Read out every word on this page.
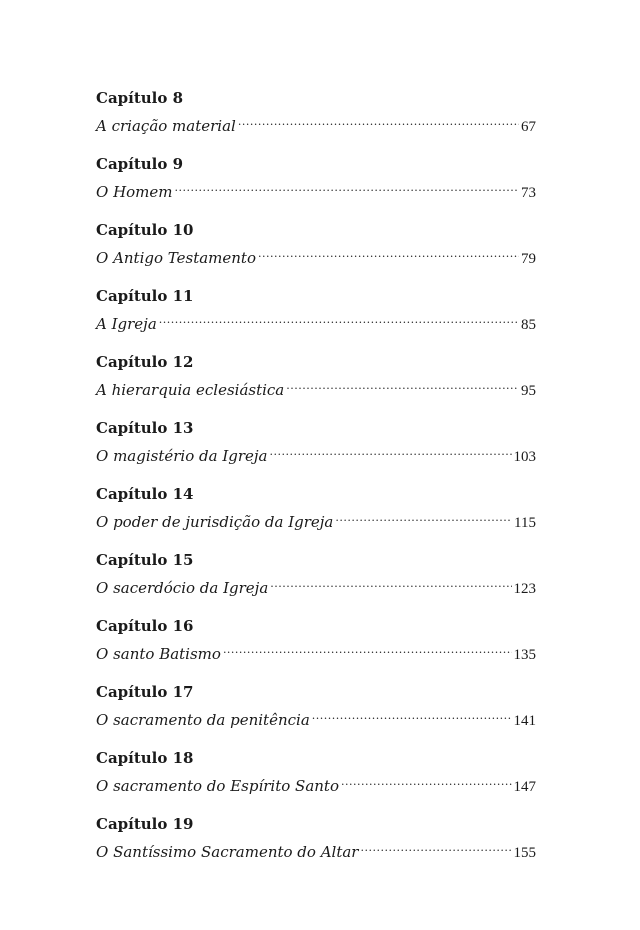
Capítulo 8
A criação material .....	67
Capítulo 9
O Homem .....	73
Capítulo 10
O Antigo Testamento .....	79
Capítulo 11
A Igreja .....	85
Capítulo 12
A hierarquia eclesiástica .....	95
Capítulo 13
O magistério da Igreja .....	103
Capítulo 14
O poder de jurisdição da Igreja .....	115
Capítulo 15
O sacerdócio da Igreja .....	123
Capítulo 16
O santo Batismo .....	135
Capítulo 17
O sacramento da penitência .....	141
Capítulo 18
O sacramento do Espírito Santo .....	147
Capítulo 19
O Santíssimo Sacramento do Altar .....	155
